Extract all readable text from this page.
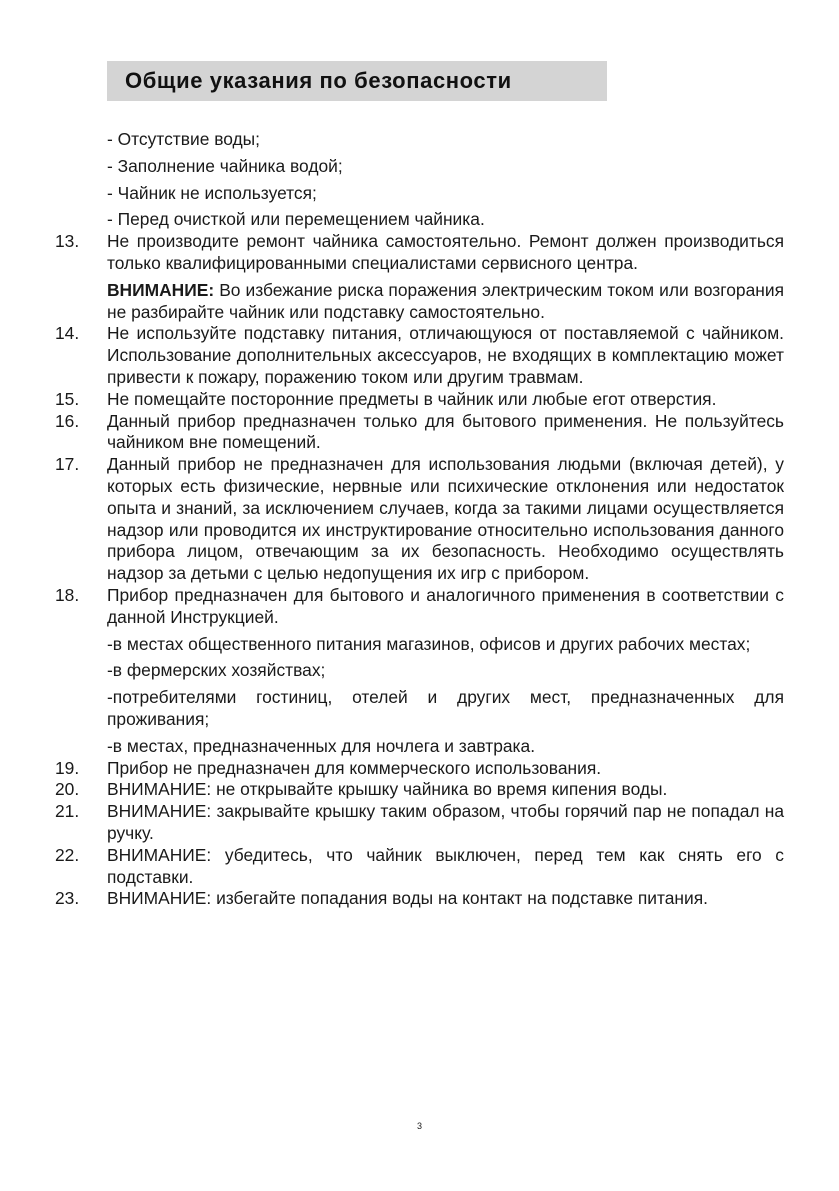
Общие указания по безопасности

- Отсутствие воды;

- Заполнение чайника водой;

- Чайник не используется;

- Перед очисткой или перемещением чайника.

13.	Не производите ремонт чайника самостоятельно. Ремонт должен производиться только квалифицированными специалистами сервисного центра.

ВНИМАНИЕ: Во избежание риска поражения электрическим током или возгорания не разбирайте чайник или подставку самостоятельно.

14.	Не используйте подставку питания, отличающуюся от поставляемой с чайником. Использование дополнительных аксессуаров, не входящих в комплектацию может привести к пожару, поражению током или другим травмам.

15.	Не помещайте посторонние предметы в чайник или любые егот отверстия.

16.	Данный прибор предназначен только для бытового применения. Не пользуйтесь чайником вне помещений.

17.	Данный прибор не предназначен для использования людьми (включая детей), у которых есть физические, нервные или психические отклонения или недостаток опыта и знаний, за исключением случаев, когда за такими лицами осуществляется надзор или проводится их инструктирование относительно использования данного прибора лицом, отвечающим за их безопасность. Необходимо осуществлять надзор за детьми с целью недопущения их игр с прибором.

18.	Прибор предназначен для бытового и аналогичного применения в соответствии с данной Инструкцией.

-в местах общественного питания магазинов, офисов и других рабочих местах;

-в фермерских хозяйствах;

-потребителями гостиниц, отелей и других мест, предназначенных для проживания;

-в местах, предназначенных для ночлега и завтрака.

19.	Прибор не предназначен для коммерческого использования.

20.	ВНИМАНИЕ: не открывайте крышку чайника во время кипения воды.

21.	ВНИМАНИЕ: закрывайте крышку таким образом, чтобы горячий пар не попадал на ручку.

22.	ВНИМАНИЕ: убедитесь, что чайник выключен, перед тем как снять его с подставки.

23.	ВНИМАНИЕ: избегайте попадания воды на контакт на подставке питания.

3
